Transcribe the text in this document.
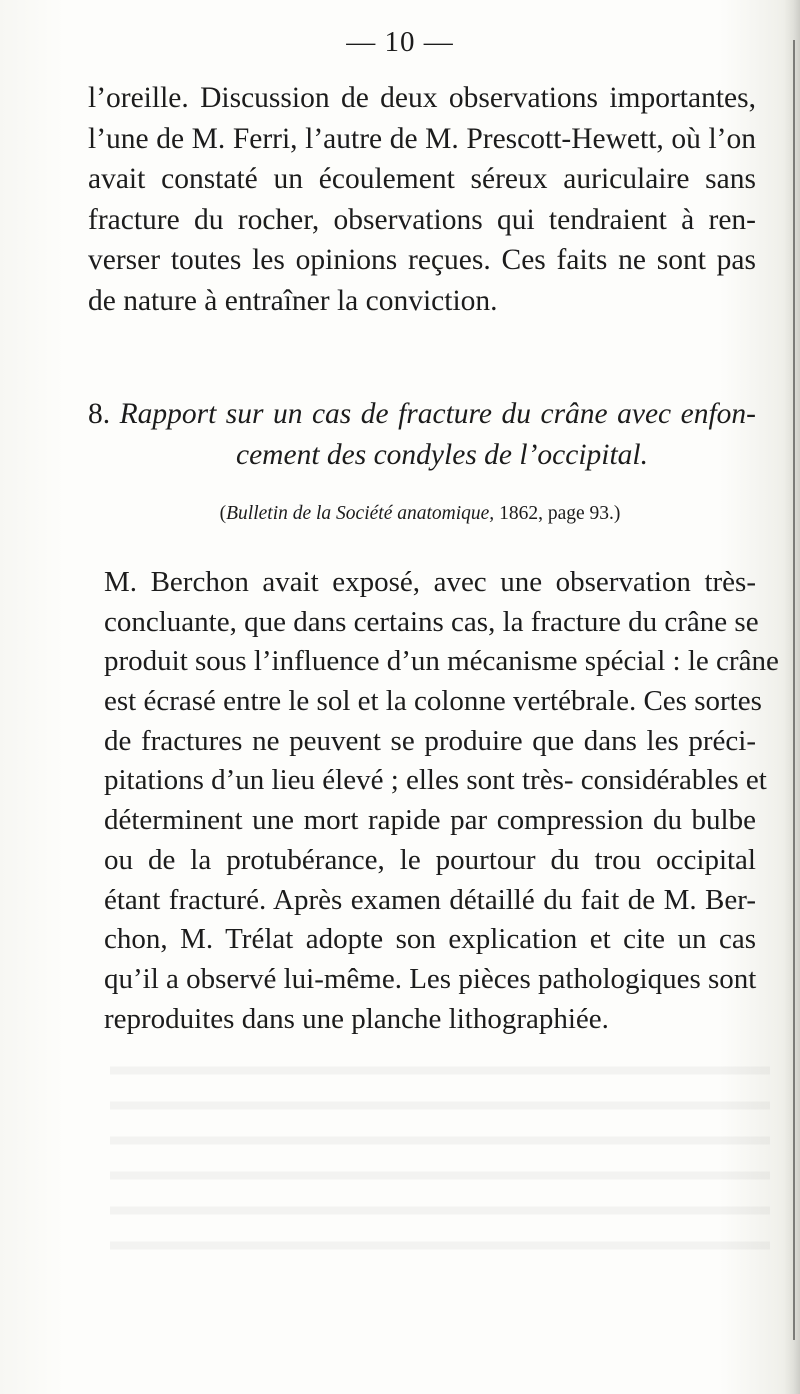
— 10 —
l’oreille. Discussion de deux observations importantes,
l’une de M. Ferri, l’autre de M. Prescott-Hewett, où l’on
avait constaté un écoulement séreux auriculaire sans
fracture du rocher, observations qui tendraient à ren-
verser toutes les opinions reçues. Ces faits ne sont pas
de nature à entraîner la conviction.
8. Rapport sur un cas de fracture du crâne avec enfon-
cement des condyles de l’occipital.
(Bulletin de la Société anatomique, 1862, page 93.)
M. Berchon avait exposé, avec une observation très-
concluante, que dans certains cas, la fracture du crâne se
produit sous l’influence d’un mécanisme spécial : le crâne
est écrasé entre le sol et la colonne vertébrale. Ces sortes
de fractures ne peuvent se produire que dans les préci-
pitations d’un lieu élevé ; elles sont très- considérables et
déterminent une mort rapide par compression du bulbe
ou de la protubérance, le pourtour du trou occipital
étant fracturé. Après examen détaillé du fait de M. Ber-
chon, M. Trélat adopte son explication et cite un cas
qu’il a observé lui-même. Les pièces pathologiques sont
reproduites dans une planche lithographiée.
